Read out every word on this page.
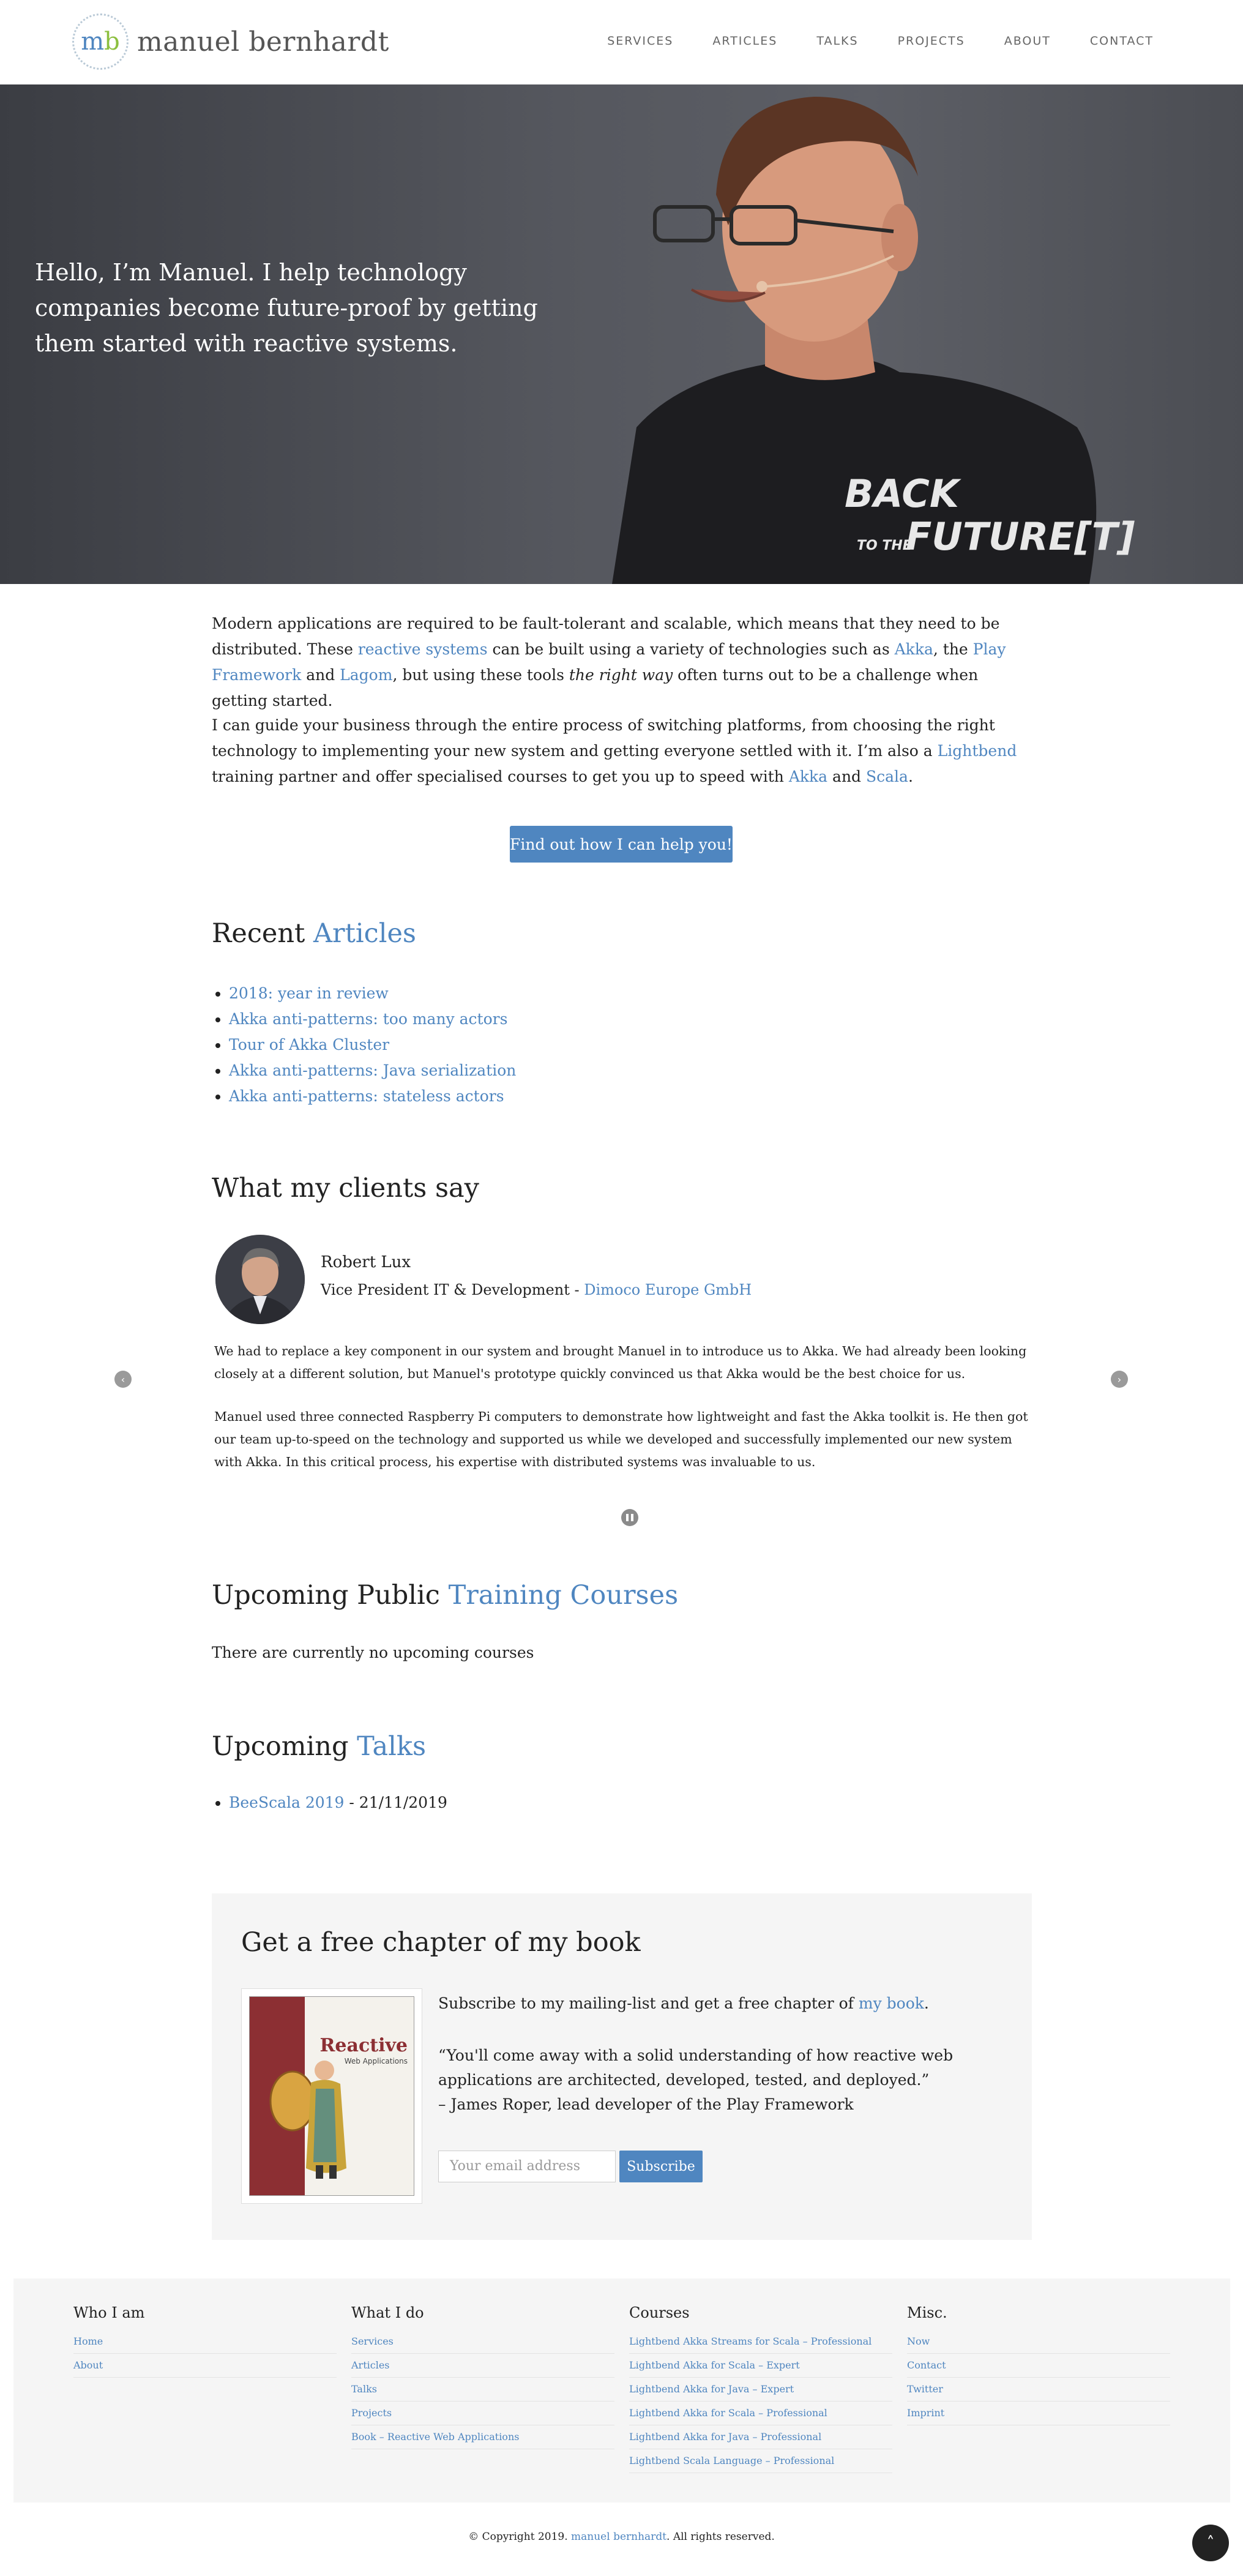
m b manuel bernhardt	SERVICES	ARTICLES	TALKS	PROJECTS	ABOUT	CONTACT
BACK
TO THE
FUTURE[T]
Hello, I’m Manuel. I help technology companies become future-proof by getting them started with reactive systems.
Modern applications are required to be fault-tolerant and scalable, which means that they need to be distributed. These reactive systems can be built using a variety of technologies such as Akka, the Play Framework and Lagom, but using these tools the right way often turns out to be a challenge when getting started.
I can guide your business through the entire process of switching platforms, from choosing the right technology to implementing your new system and getting everyone settled with it. I’m also a Lightbend training partner and offer specialised courses to get you up to speed with Akka and Scala.
Find out how I can help you!
Recent Articles
• 2018: year in review
• Akka anti-patterns: too many actors
• Tour of Akka Cluster
• Akka anti-patterns: Java serialization
• Akka anti-patterns: stateless actors
What my clients say
Robert Lux
Vice President IT & Development - Dimoco Europe GmbH
‹	›
We had to replace a key component in our system and brought Manuel in to introduce us to Akka. We had already been looking closely at a different solution, but Manuel's prototype quickly convinced us that Akka would be the best choice for us.
Manuel used three connected Raspberry Pi computers to demonstrate how lightweight and fast the Akka toolkit is. He then got our team up-to-speed on the technology and supported us while we developed and successfully implemented our new system with Akka. In this critical process, his expertise with distributed systems was invaluable to us.
Upcoming Public Training Courses
There are currently no upcoming courses
Upcoming Talks
• BeeScala 2019 - 21/11/2019
Get a free chapter of my book
Reactive
Web Applications
Subscribe to my mailing-list and get a free chapter of my book.
“You'll come away with a solid understanding of how reactive web applications are architected, developed, tested, and deployed.”
– James Roper, lead developer of the Play Framework
Your email address	Subscribe
Who I am
Home
About
What I do
Services
Articles
Talks
Projects
Book – Reactive Web Applications
Courses
Lightbend Akka Streams for Scala – Professional
Lightbend Akka for Scala – Expert
Lightbend Akka for Java – Expert
Lightbend Akka for Scala – Professional
Lightbend Akka for Java – Professional
Lightbend Scala Language – Professional
Misc.
Now
Contact
Twitter
Imprint
© Copyright 2019. manuel bernhardt. All rights reserved.	˄
